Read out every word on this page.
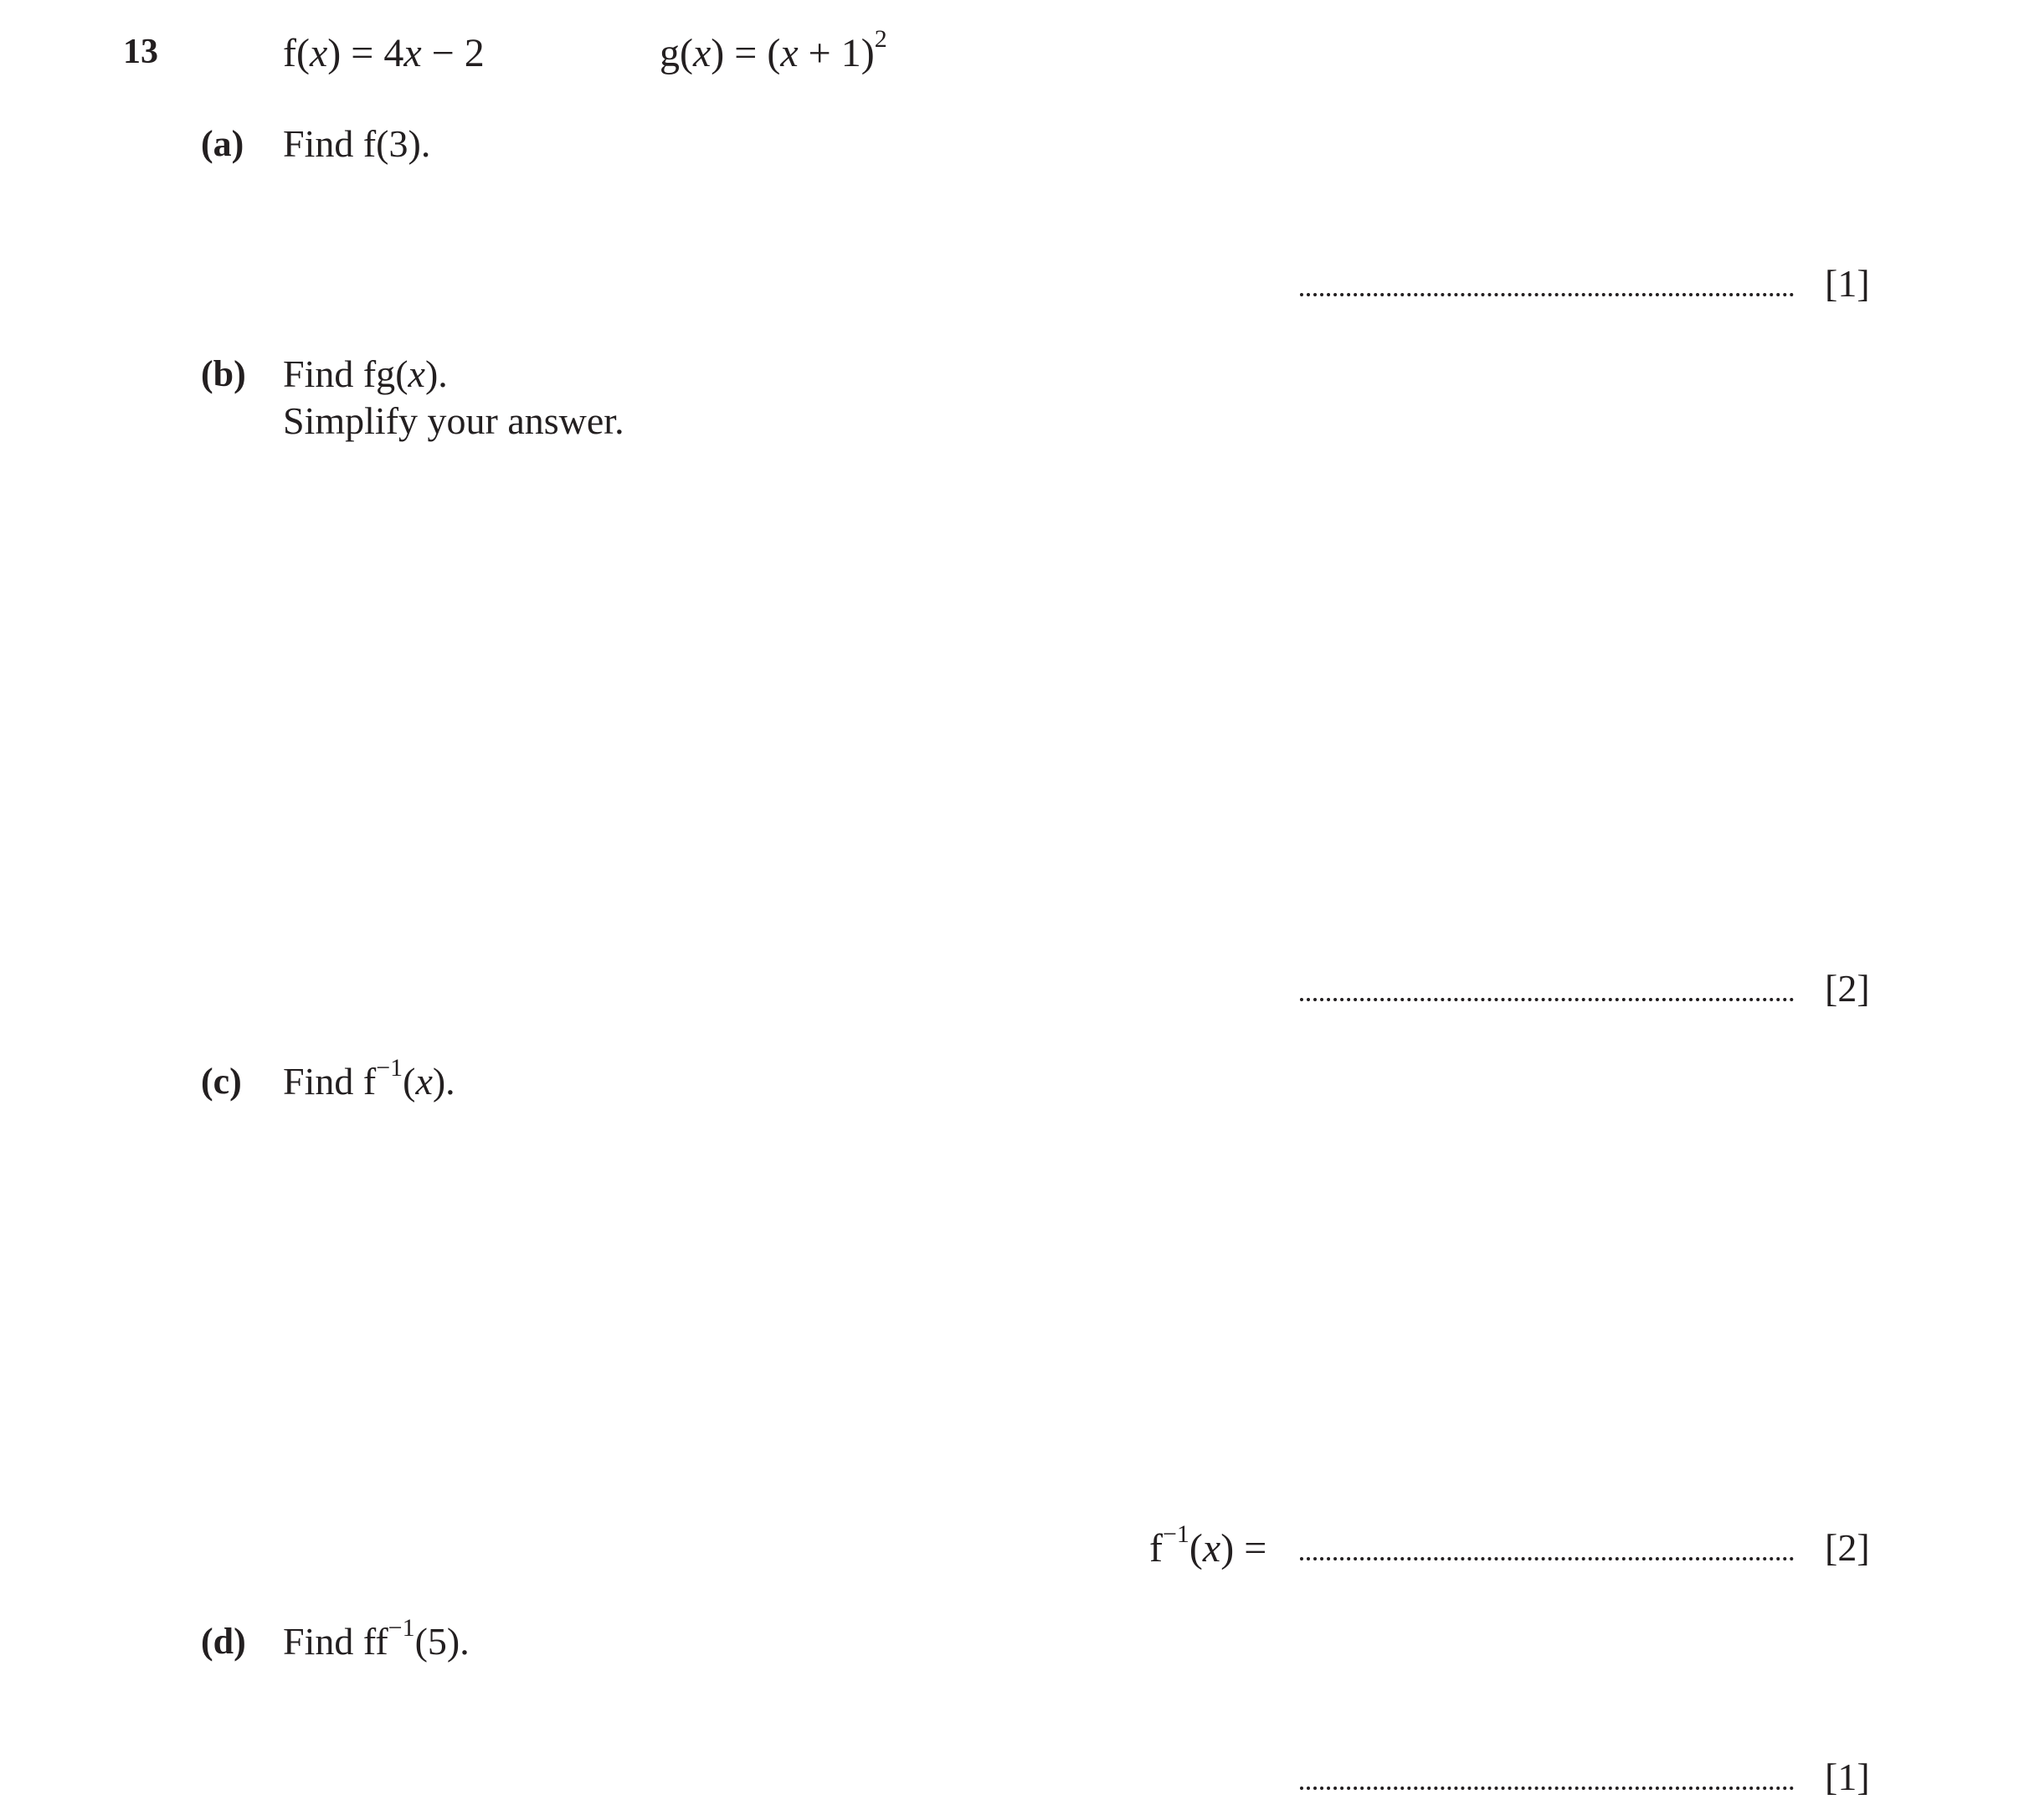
13	f(x) = 4x − 2	$g(x) = (x + 1)^2$
(a) Find f(3).
[1]
(b) Find fg(x).
Simplify your answer.
[2]
(c) Find $f^{-1}(x)$.
$f^{-1}(x)$ =	[2]
(d) Find $ff^{-1}(5)$.
[1]
